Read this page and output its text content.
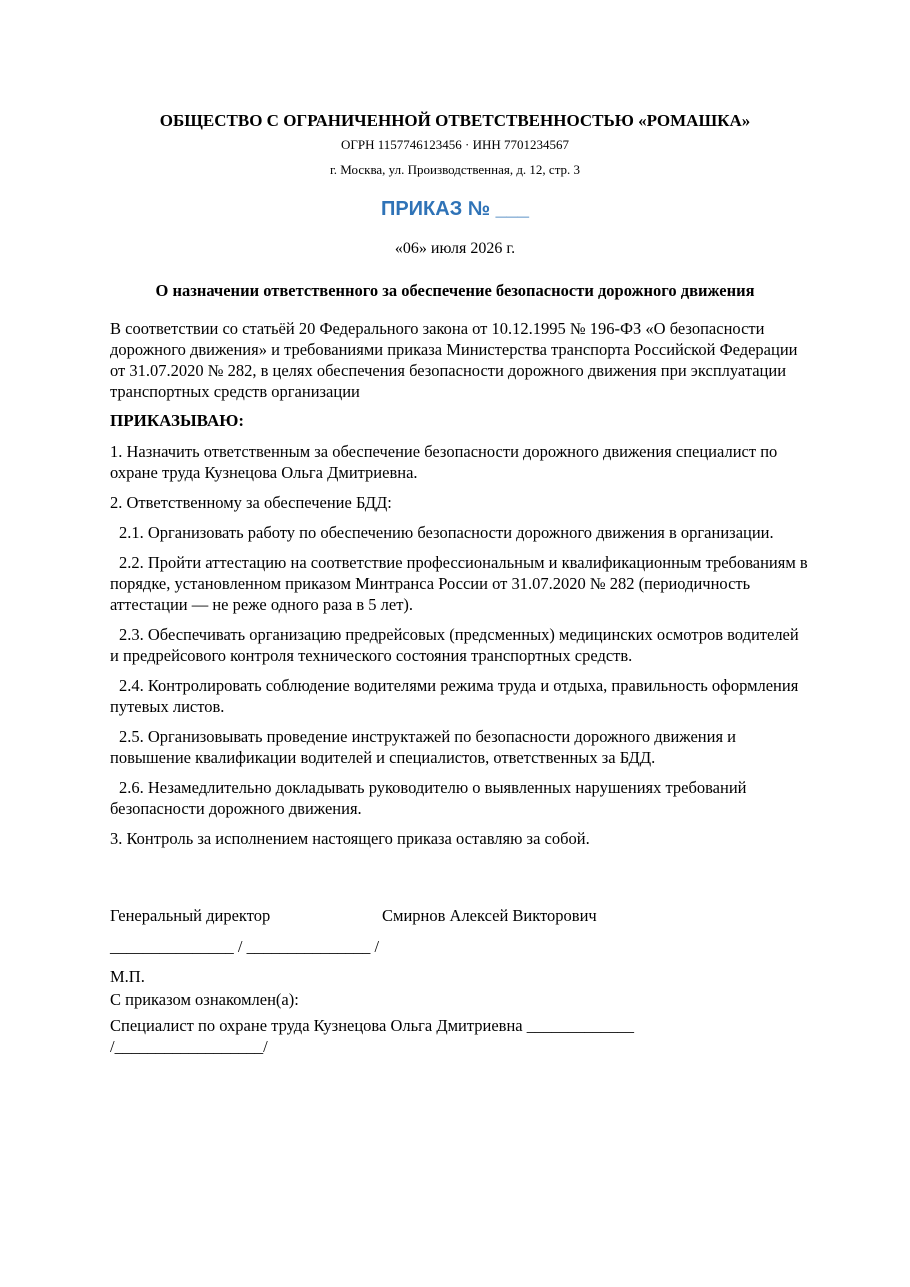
ОБЩЕСТВО С ОГРАНИЧЕННОЙ ОТВЕТСТВЕННОСТЬЮ «РОМАШКА»
ОГРН 1157746123456 · ИНН 7701234567
г. Москва, ул. Производственная, д. 12, стр. 3
ПРИКАЗ № ___
«06» июля 2026 г.
О назначении ответственного за обеспечение безопасности дорожного движения

В соответствии со статьёй 20 Федерального закона от 10.12.1995 № 196-ФЗ «О безопасности дорожного движения» и требованиями приказа Министерства транспорта Российской Федерации от 31.07.2020 № 282, в целях обеспечения безопасности дорожного движения при эксплуатации транспортных средств организации

ПРИКАЗЫВАЮ:

1. Назначить ответственным за обеспечение безопасности дорожного движения специалист по охране труда Кузнецова Ольга Дмитриевна.

2. Ответственному за обеспечение БДД:

2.1. Организовать работу по обеспечению безопасности дорожного движения в организации.

2.2. Пройти аттестацию на соответствие профессиональным и квалификационным требованиям в порядке, установленном приказом Минтранса России от 31.07.2020 № 282 (периодичность аттестации — не реже одного раза в 5 лет).

2.3. Обеспечивать организацию предрейсовых (предсменных) медицинских осмотров водителей и предрейсового контроля технического состояния транспортных средств.

2.4. Контролировать соблюдение водителями режима труда и отдыха, правильность оформления путевых листов.

2.5. Организовывать проведение инструктажей по безопасности дорожного движения и повышение квалификации водителей и специалистов, ответственных за БДД.

2.6. Незамедлительно докладывать руководителю о выявленных нарушениях требований безопасности дорожного движения.

3. Контроль за исполнением настоящего приказа оставляю за собой.

Генеральный директор	Смирнов Алексей Викторович
_______________ / _______________ /
М.П.
С приказом ознакомлен(а):
Специалист по охране труда Кузнецова Ольга Дмитриевна _____________
/__________________/
